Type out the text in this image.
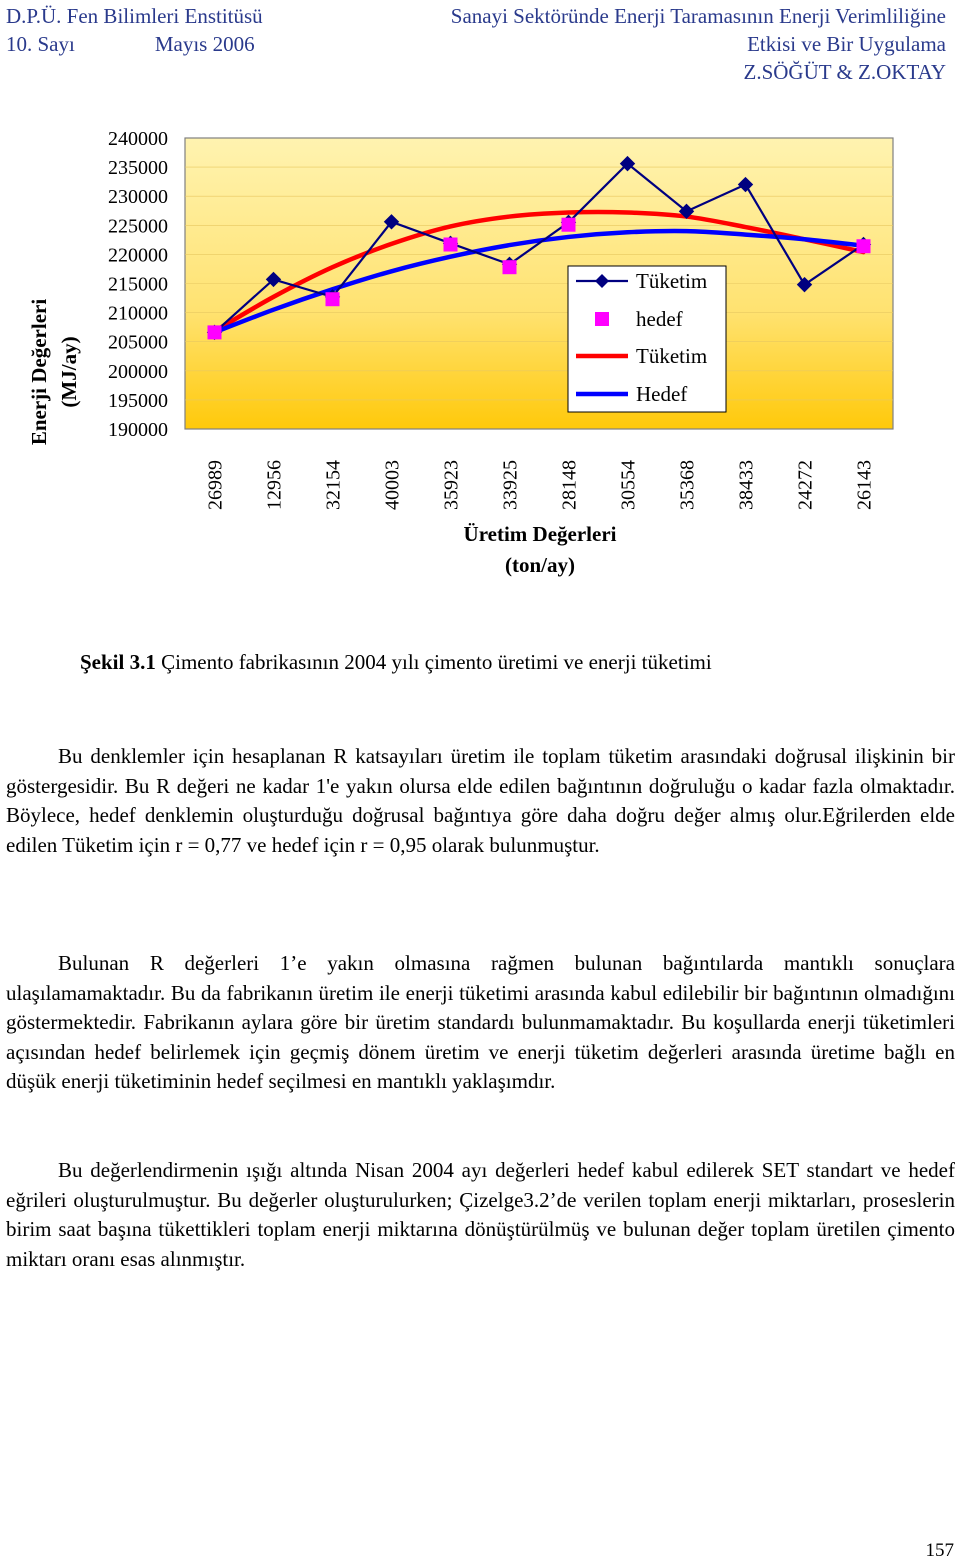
D.P.Ü. Fen Bilimleri Enstitüsü
10. Sayı	Mayıs 2006
Sanayi Sektöründe Enerji Taramasının Enerji Verimliliğine
Etkisi ve Bir Uygulama
Z.SÖĞÜT & Z.OKTAY
240000
235000
230000
225000
220000
215000
210000
205000
200000
195000
190000
26989 12956 32154 40003 35923 33925 28148 30554 35368 38433 24272 26143
Enerji Değerleri (MJ/ay)
Üretim Değerleri
(ton/ay)
Tüketim
hedef
Tüketim
Hedef
Şekil 3.1 Çimento fabrikasının 2004 yılı çimento üretimi ve enerji tüketimi

Bu denklemler için hesaplanan R katsayıları üretim ile toplam tüketim arasındaki doğrusal ilişkinin bir göstergesidir. Bu R değeri ne kadar 1'e yakın olursa elde edilen bağıntının doğruluğu o kadar fazla olmaktadır. Böylece, hedef denklemin oluşturduğu doğrusal bağıntıya göre daha doğru değer almış olur.Eğrilerden elde edilen Tüketim için r = 0,77 ve hedef için r = 0,95 olarak bulunmuştur.

Bulunan R değerleri 1’e yakın olmasına rağmen bulunan bağıntılarda mantıklı sonuçlara ulaşılamamaktadır. Bu da fabrikanın üretim ile enerji tüketimi arasında kabul edilebilir bir bağıntının olmadığını göstermektedir. Fabrikanın aylara göre bir üretim standardı bulunmamaktadır. Bu koşullarda enerji tüketimleri açısından hedef belirlemek için geçmiş dönem üretim ve enerji tüketim değerleri arasında üretime bağlı en düşük enerji tüketiminin hedef seçilmesi en mantıklı yaklaşımdır.

Bu değerlendirmenin ışığı altında Nisan 2004 ayı değerleri hedef kabul edilerek SET standart ve hedef eğrileri oluşturulmuştur. Bu değerler oluşturulurken; Çizelge3.2’de verilen toplam enerji miktarları, proseslerin birim saat başına tükettikleri toplam enerji miktarına dönüştürülmüş ve bulunan değer toplam üretilen çimento miktarı oranı esas alınmıştır.

157
